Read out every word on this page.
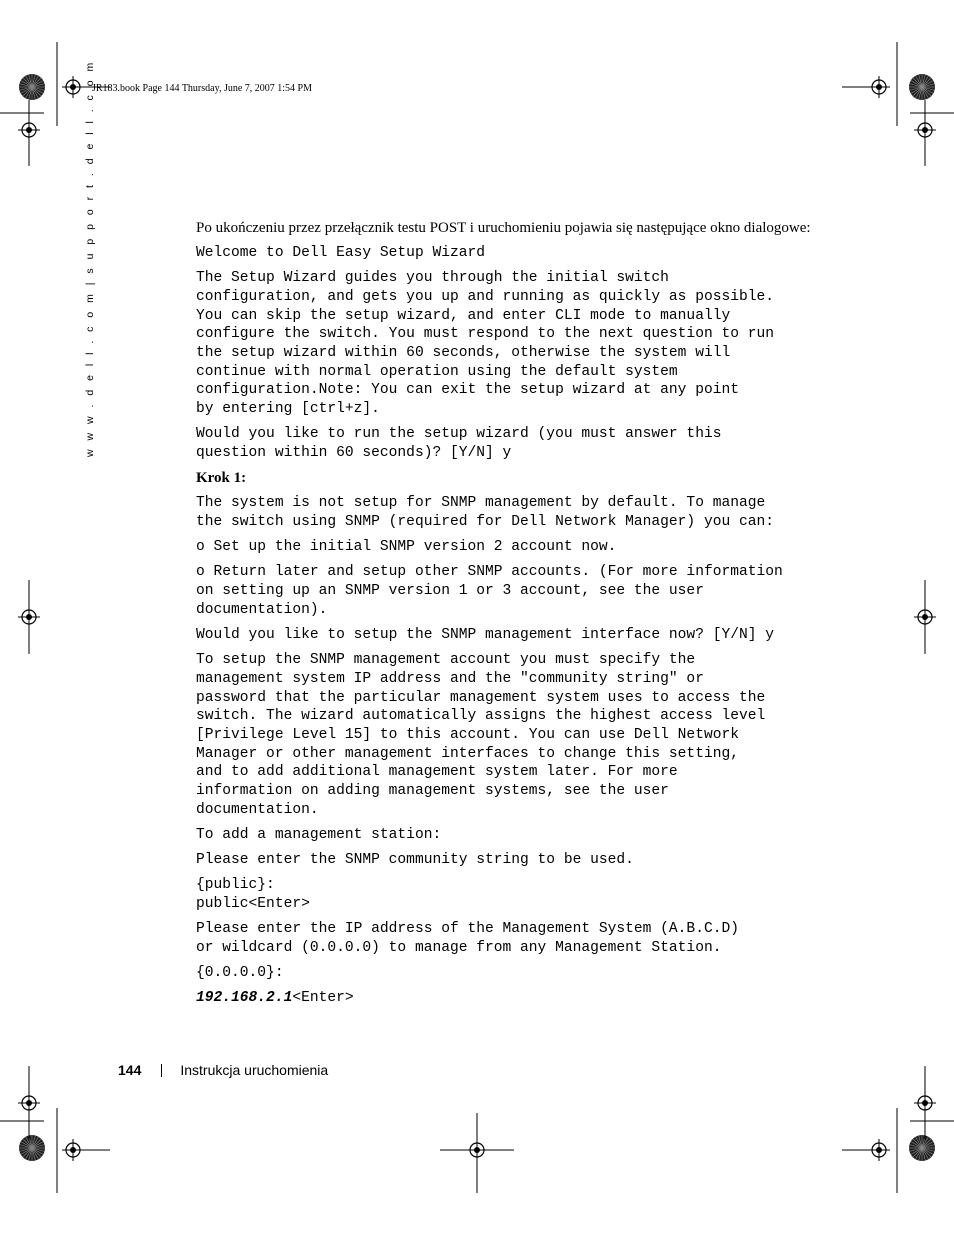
JR183.book Page 144 Thursday, June 7, 2007 1:54 PM
w w w . d e l l . c o m | s u p p o r t . d e l l . c o m	Po ukończeniu przez przełącznik testu POST i uruchomieniu pojawia się następujące okno dialogowe:

Welcome to Dell Easy Setup Wizard
The Setup Wizard guides you through the initial switch
configuration, and gets you up and running as quickly as possible.
You can skip the setup wizard, and enter CLI mode to manually
configure the switch. You must respond to the next question to run
the setup wizard within 60 seconds, otherwise the system will
continue with normal operation using the default system
configuration.Note: You can exit the setup wizard at any point
by entering [ctrl+z].
Would you like to run the setup wizard (you must answer this
question within 60 seconds)? [Y/N] y

Krok 1:

The system is not setup for SNMP management by default. To manage
the switch using SNMP (required for Dell Network Manager) you can:
o Set up the initial SNMP version 2 account now.
o Return later and setup other SNMP accounts. (For more information
on setting up an SNMP version 1 or 3 account, see the user
documentation).
Would you like to setup the SNMP management interface now? [Y/N] y
To setup the SNMP management account you must specify the
management system IP address and the "community string" or
password that the particular management system uses to access the
switch. The wizard automatically assigns the highest access level
[Privilege Level 15] to this account. You can use Dell Network
Manager or other management interfaces to change this setting,
and to add additional management system later. For more
information on adding management systems, see the user
documentation.
To add a management station:
Please enter the SNMP community string to be used.
{public}:
public<Enter>
Please enter the IP address of the Management System (A.B.C.D)
or wildcard (0.0.0.0) to manage from any Management Station.
{0.0.0.0}:
192.168.2.1<Enter>
144	Instrukcja uruchomienia
